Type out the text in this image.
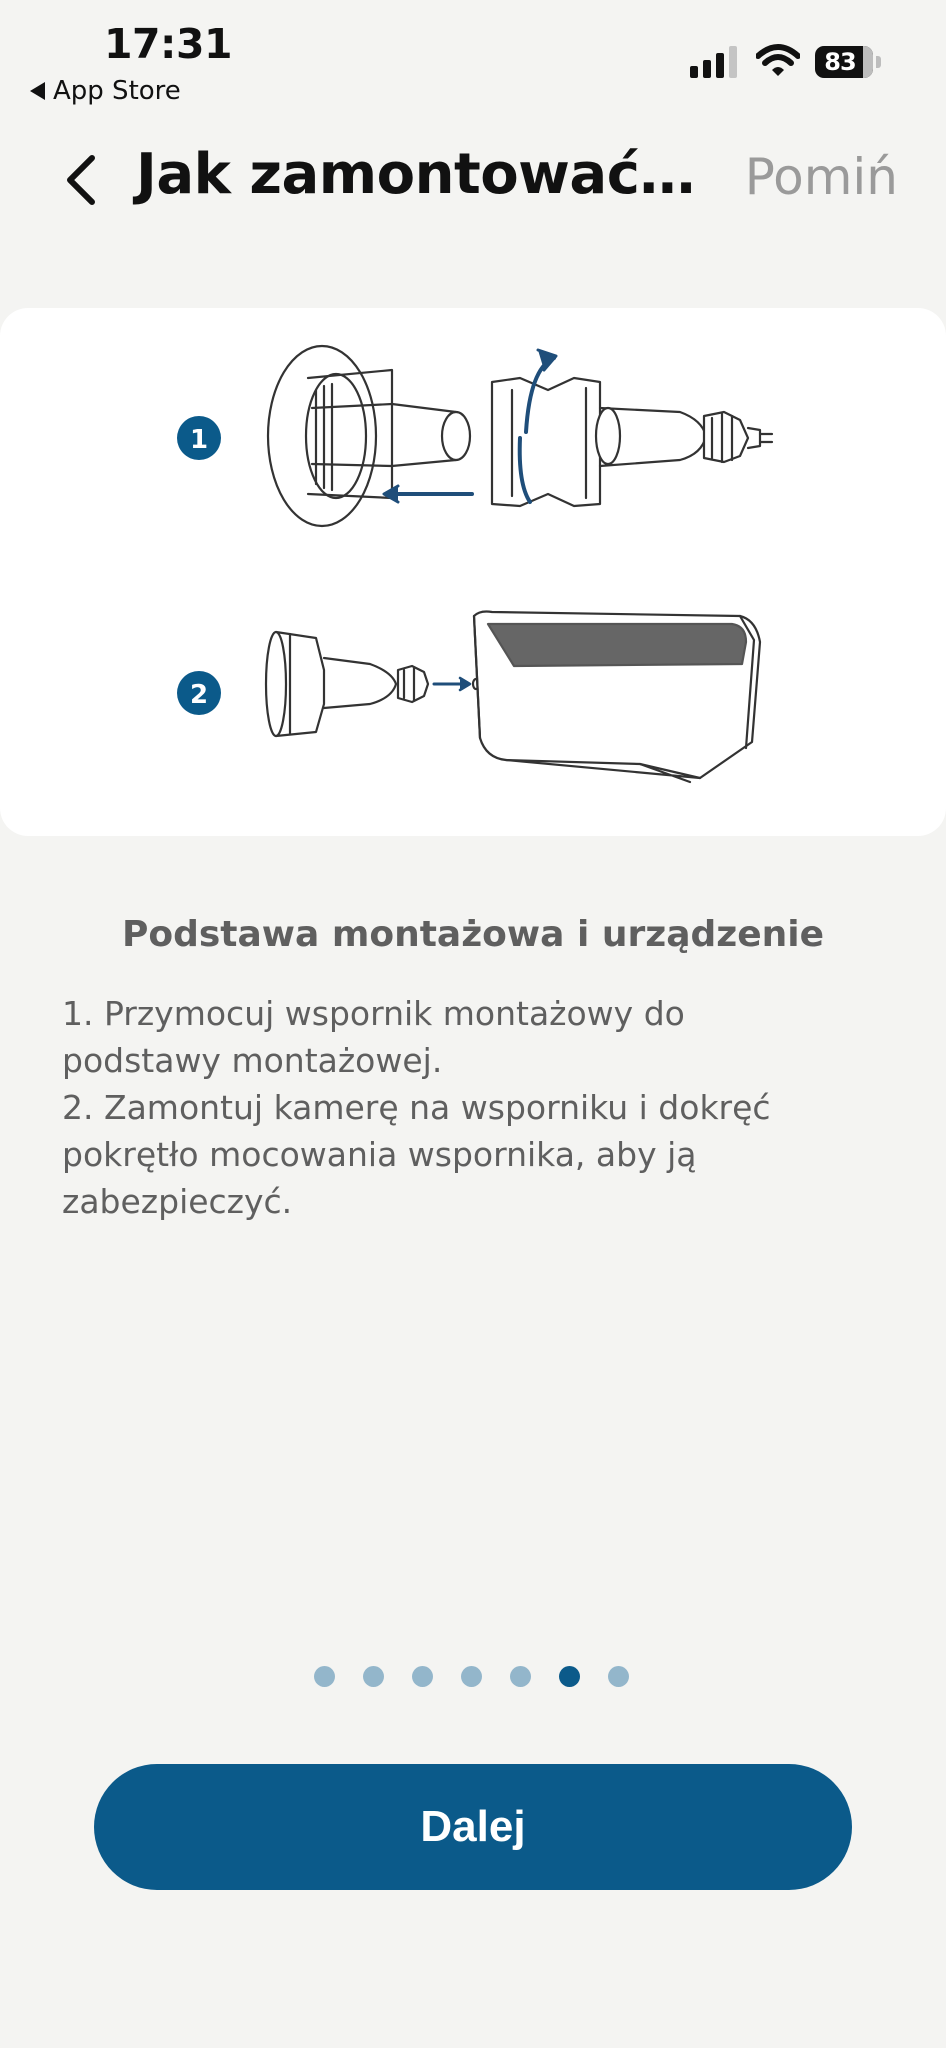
17:31
App Store
83
Jak zamontować… Pomiń
1
2
Podstawa montażowa i urządzenie
1. Przymocuj wspornik montażowy do
podstawy montażowej.
2. Zamontuj kamerę na wsporniku i dokręć
pokrętło mocowania wspornika, aby ją
zabezpieczyć.
Dalej
